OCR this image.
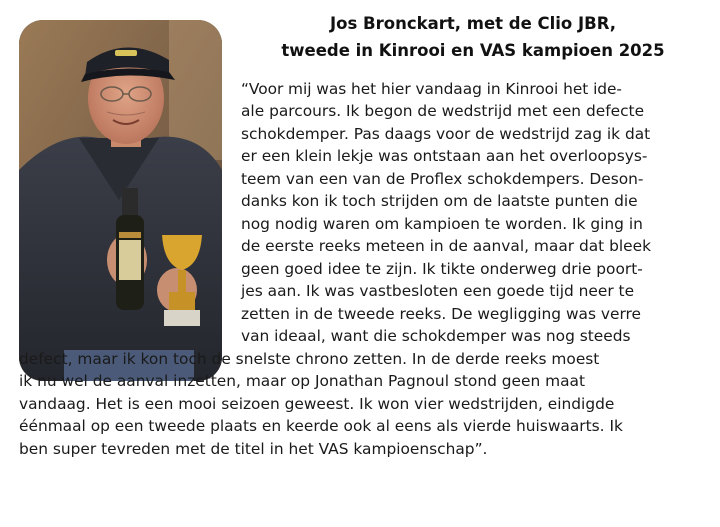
Jos Bronckart, met de Clio JBR,
tweede in Kinrooi en VAS kampioen 2025
“Voor mij was het hier vandaag in Kinrooi het ide-
ale parcours. Ik begon de wedstrijd met een defecte
schokdemper. Pas daags voor de wedstrijd zag ik dat
er een klein lekje was ontstaan aan het overloopsys-
teem van een van de Proflex schokdempers. Deson-
danks kon ik toch strijden om de laatste punten die
nog nodig waren om kampioen te worden. Ik ging in
de eerste reeks meteen in de aanval, maar dat bleek
geen goed idee te zijn. Ik tikte onderweg drie poort-
jes aan. Ik was vastbesloten een goede tijd neer te
zetten in de tweede reeks. De wegligging was verre
van ideaal, want die schokdemper was nog steeds
defect, maar ik kon toch de snelste chrono zetten. In de derde reeks moest
ik nu wel de aanval inzetten, maar op Jonathan Pagnoul stond geen maat
vandaag. Het is een mooi seizoen geweest. Ik won vier wedstrijden, eindigde
éénmaal op een tweede plaats en keerde ook al eens als vierde huiswaarts. Ik
ben super tevreden met de titel in het VAS kampioenschap”.
